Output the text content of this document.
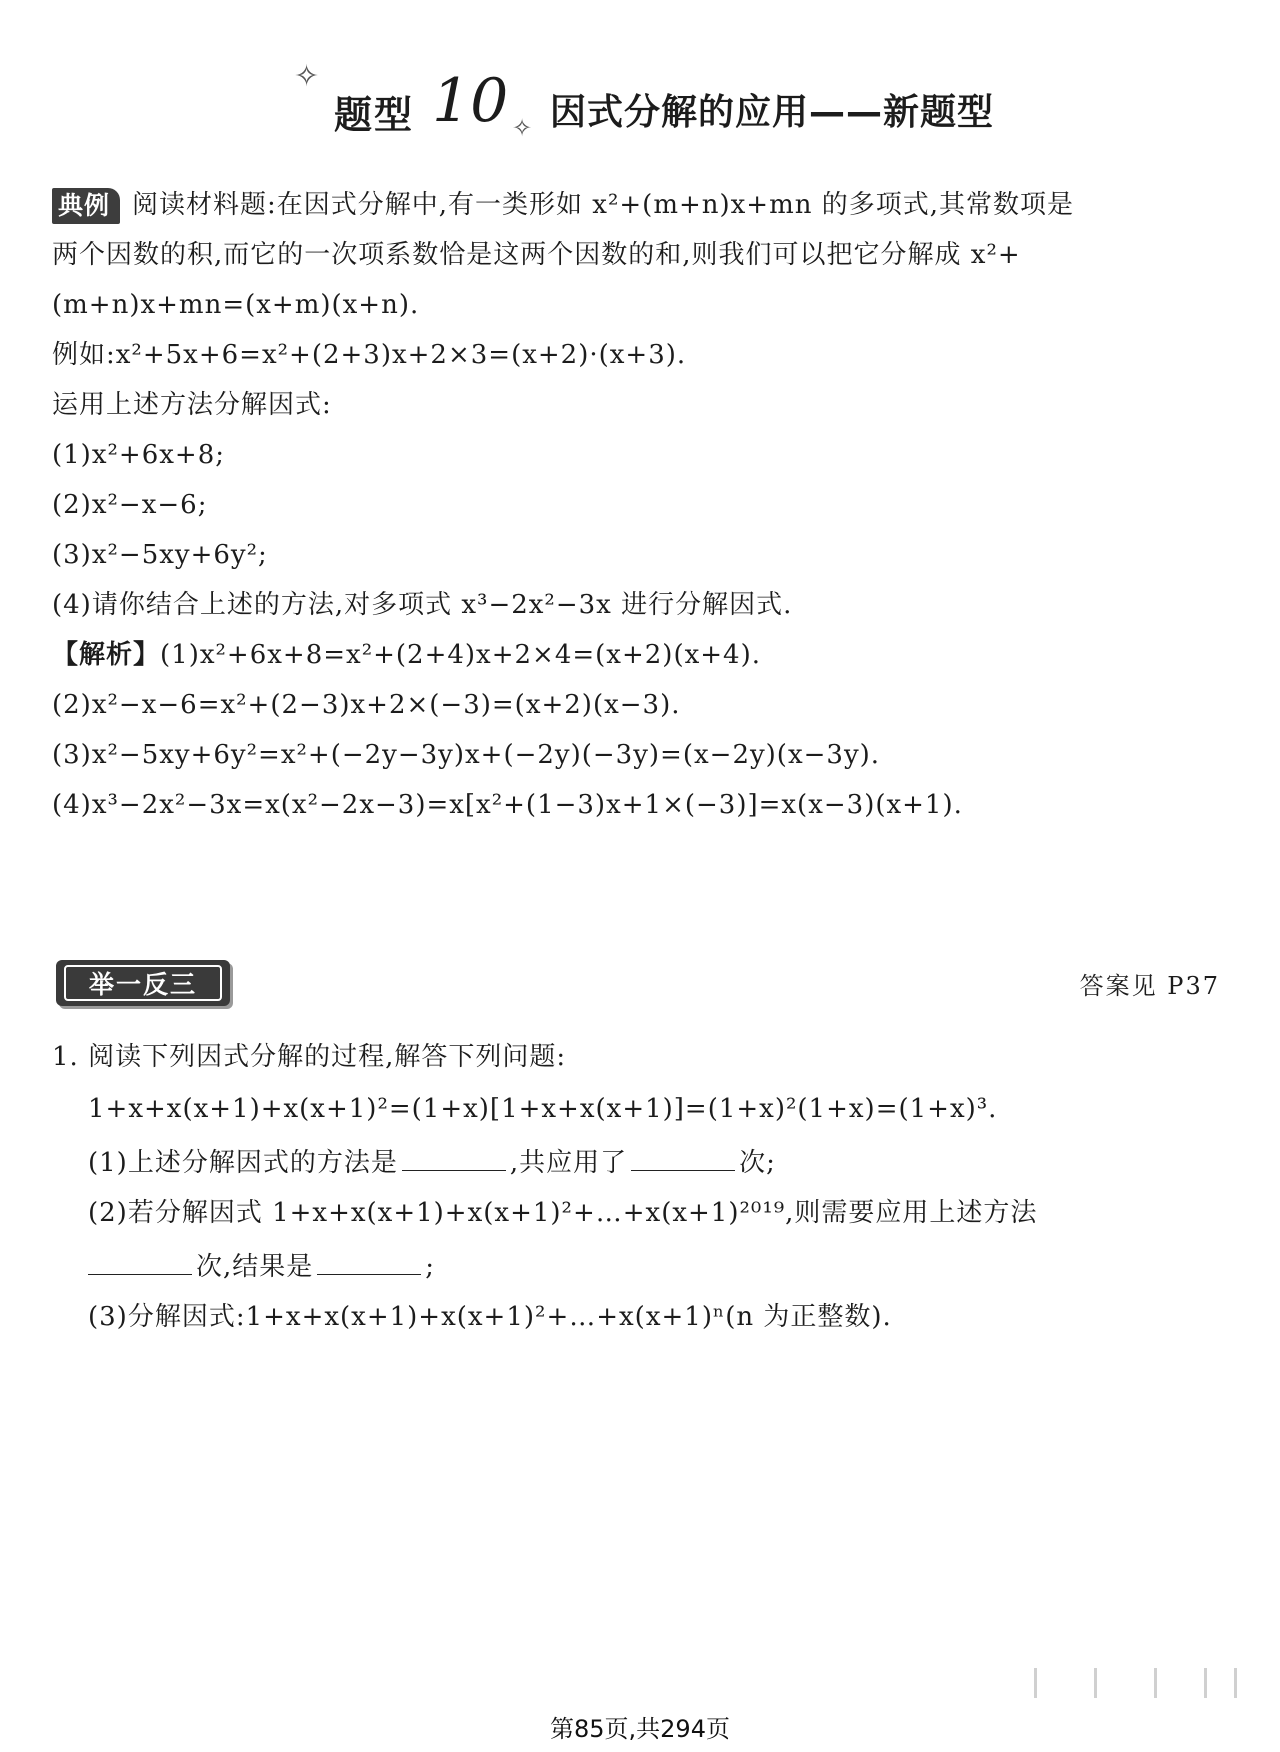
✧
题型 10 ✧ 因式分解的应用——新题型
典例 阅读材料题:在因式分解中,有一类形如 x²+(m+n)x+mn 的多项式,其常数项是
两个因数的积,而它的一次项系数恰是这两个因数的和,则我们可以把它分解成 x²+
(m+n)x+mn=(x+m)(x+n).
例如:x²+5x+6=x²+(2+3)x+2×3=(x+2)·(x+3).
运用上述方法分解因式:
(1)x²+6x+8;
(2)x²−x−6;
(3)x²−5xy+6y²;
(4)请你结合上述的方法,对多项式 x³−2x²−3x 进行分解因式.
【解析】(1)x²+6x+8=x²+(2+4)x+2×4=(x+2)(x+4).
(2)x²−x−6=x²+(2−3)x+2×(−3)=(x+2)(x−3).
(3)x²−5xy+6y²=x²+(−2y−3y)x+(−2y)(−3y)=(x−2y)(x−3y).
(4)x³−2x²−3x=x(x²−2x−3)=x[x²+(1−3)x+1×(−3)]=x(x−3)(x+1).
举一反三	答案见 P37
1. 阅读下列因式分解的过程,解答下列问题:
1+x+x(x+1)+x(x+1)²=(1+x)[1+x+x(x+1)]=(1+x)²(1+x)=(1+x)³.
(1)上述分解因式的方法是	,共应用了	次;
(2)若分解因式 1+x+x(x+1)+x(x+1)²+…+x(x+1)²⁰¹⁹,则需要应用上述方法
次,结果是	;
(3)分解因式:1+x+x(x+1)+x(x+1)²+…+x(x+1)ⁿ(n 为正整数).
第85页,共294页
